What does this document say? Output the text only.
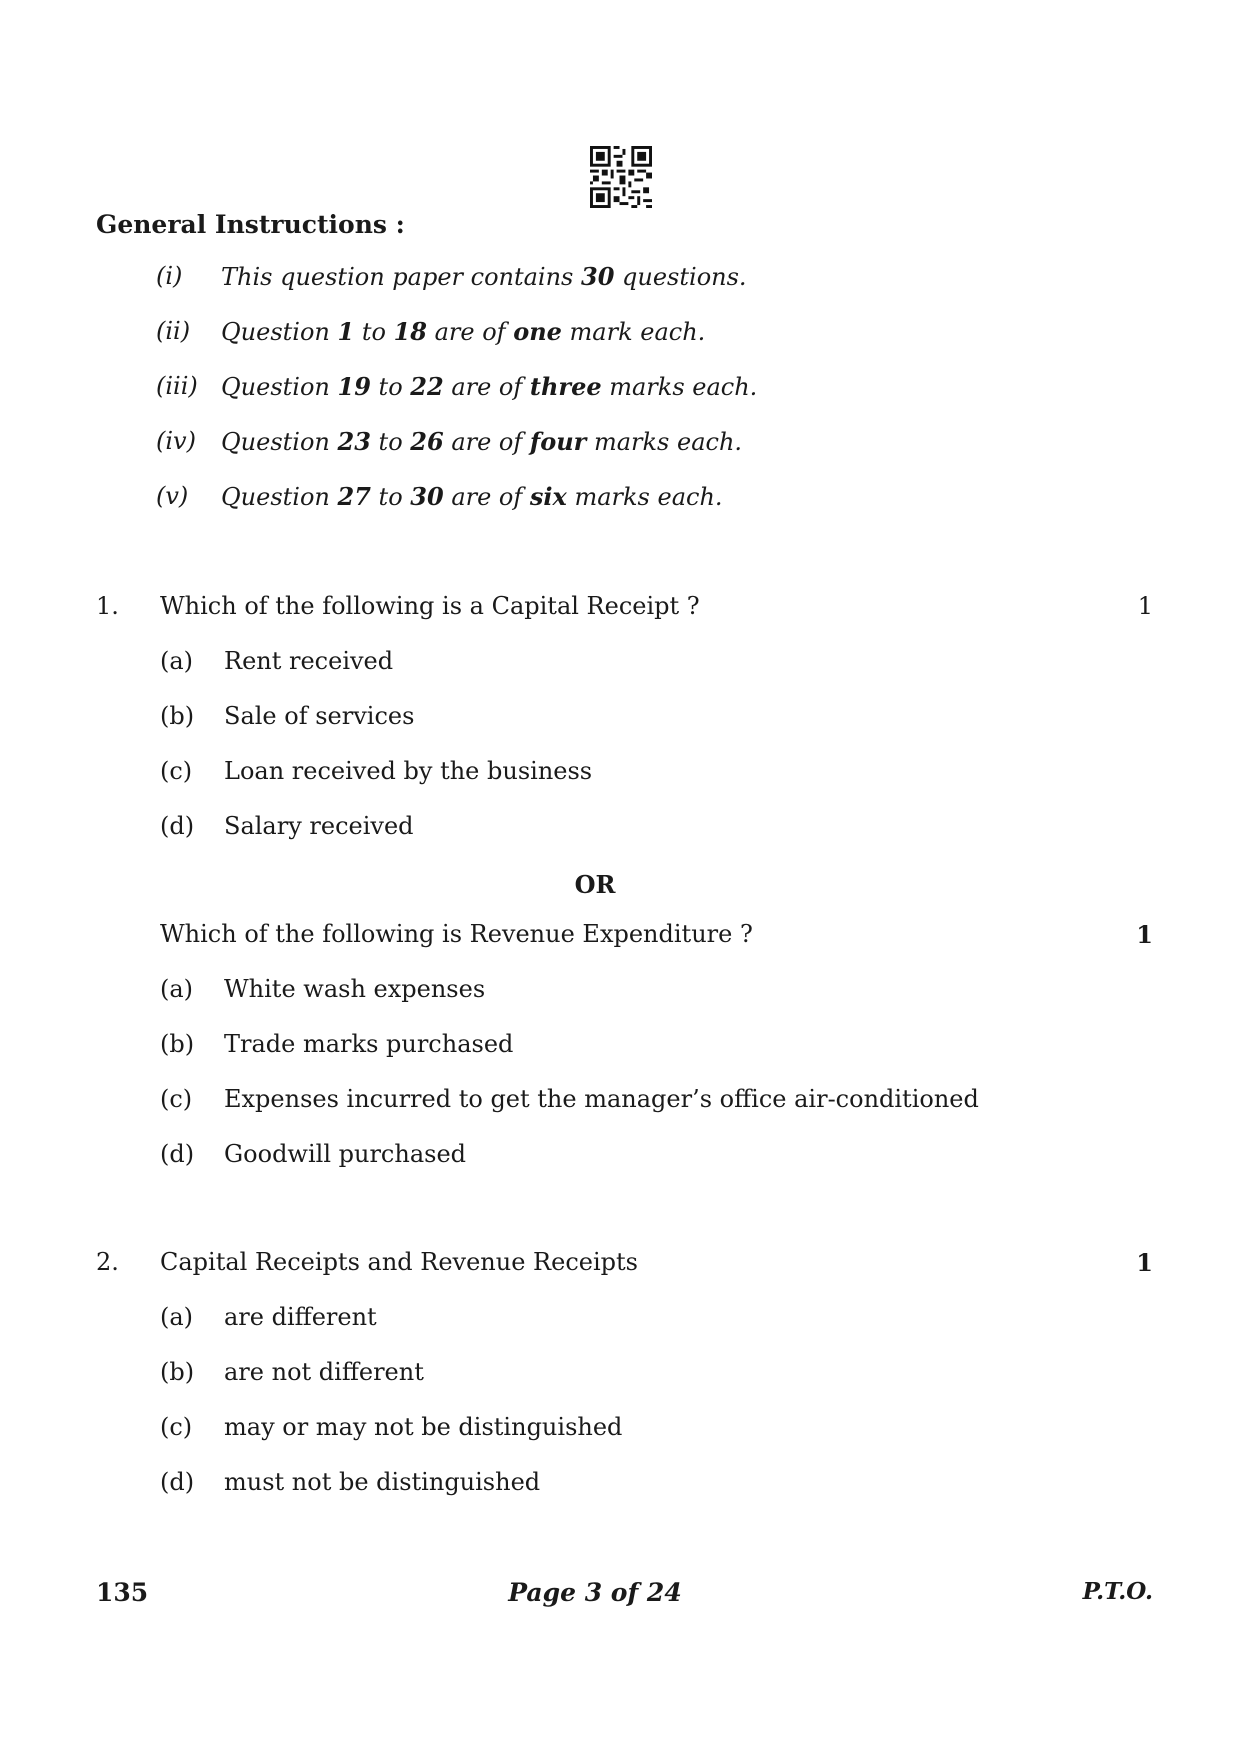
General Instructions :
(i) This question paper contains 30 questions.
(ii) Question 1 to 18 are of one mark each.
(iii) Question 19 to 22 are of three marks each.
(iv) Question 23 to 26 are of four marks each.
(v) Question 27 to 30 are of six marks each.
1. Which of the following is a Capital Receipt ?	1
(a) Rent received
(b) Sale of services
(c) Loan received by the business
(d) Salary received
OR
Which of the following is Revenue Expenditure ?	1
(a) White wash expenses
(b) Trade marks purchased
(c) Expenses incurred to get the manager’s office air-conditioned
(d) Goodwill purchased
2. Capital Receipts and Revenue Receipts	1
(a) are different
(b) are not different
(c) may or may not be distinguished
(d) must not be distinguished
135	Page 3 of 24	P.T.O.
